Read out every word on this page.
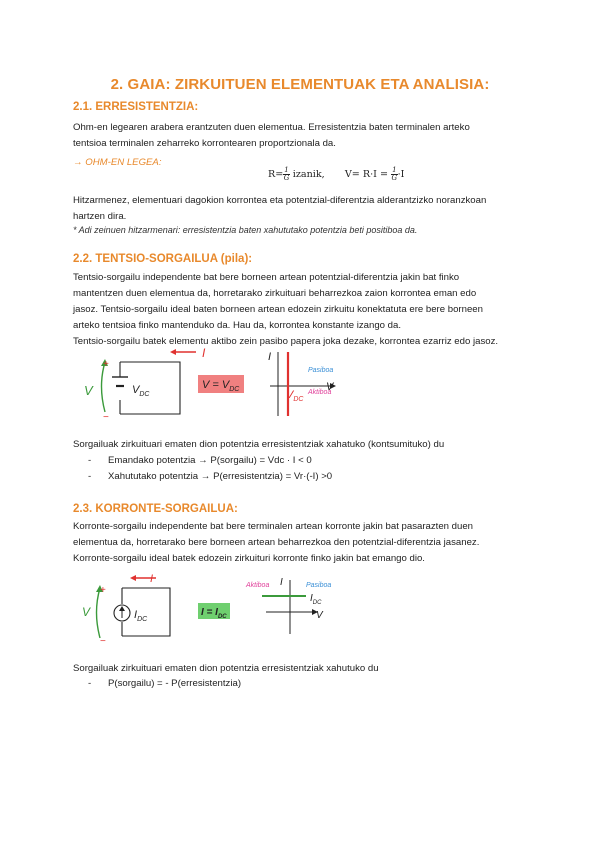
2. GAIA: ZIRKUITUEN ELEMENTUAK ETA ANALISIA:
2.1. ERRESISTENTZIA:
Ohm-en legearen arabera erantzuten duen elementua. Erresistentzia baten terminalen arteko
tentsioa terminalen zeharreko korrontearen proportzionala da.
→ OHM-EN LEGEA:
$R= \frac{1}{G}$ izanik, $V= R\cdot I = \frac{1}{G} \cdot I$
Hitzarmenez, elementuari dagokion korrontea eta potentzial-diferentzia alderantzizko noranzkoan
hartzen dira.
* Adi zeinuen hitzarmenari: erresistentzia baten xahututako potentzia beti positiboa da.
2.2. TENTSIO-SORGAILUA (pila):
Tentsio-sorgailu independente bat bere borneen artean potentzial-diferentzia jakin bat finko
mantentzen duen elementua da, horretarako zirkuituari beharrezkoa zaion korrontea eman edo
jasoz. Tentsio-sorgailu ideal baten borneen artean edozein zirkuitu konektatuta ere bere borneen
arteko tentsioa finko mantenduko da. Hau da, korrontea konstante izango da.
Tentsio-sorgailu batek elementu aktibo zein pasibo papera joka dezake, korrontea ezarriz edo jasoz.
I
+
−
V	$V_{DC}$
$V = V_{DC}$
I
V
Pasiboa
$V_{DC}$
Aktiboa
Sorgailuak zirkuituari ematen dion potentzia erresistentziak xahatuko (kontsumituko) du
- Emandako potentzia → P(sorgailu) = Vdc · I < 0
- Xahututako potentzia → P(erresistentzia) = Vr·(-I) >0
2.3. KORRONTE-SORGAILUA:
Korronte-sorgailu independente bat bere terminalen artean korronte jakin bat pasarazten duen
elementua da, horretarako bere borneen artean beharrezkoa den potentzial-diferentzia jasanez.
Korronte-sorgailu ideal batek edozein zirkuituri korronte finko jakin bat emango dio.
I
+
−
V	$I_{DC}$
$I = I_{DC}$
Aktiboa I	Pasiboa
$I_{DC}$
V
Sorgailuak zirkuituari ematen dion potentzia erresistentziak xahutuko du
- P(sorgailu) = - P(erresistentzia)
